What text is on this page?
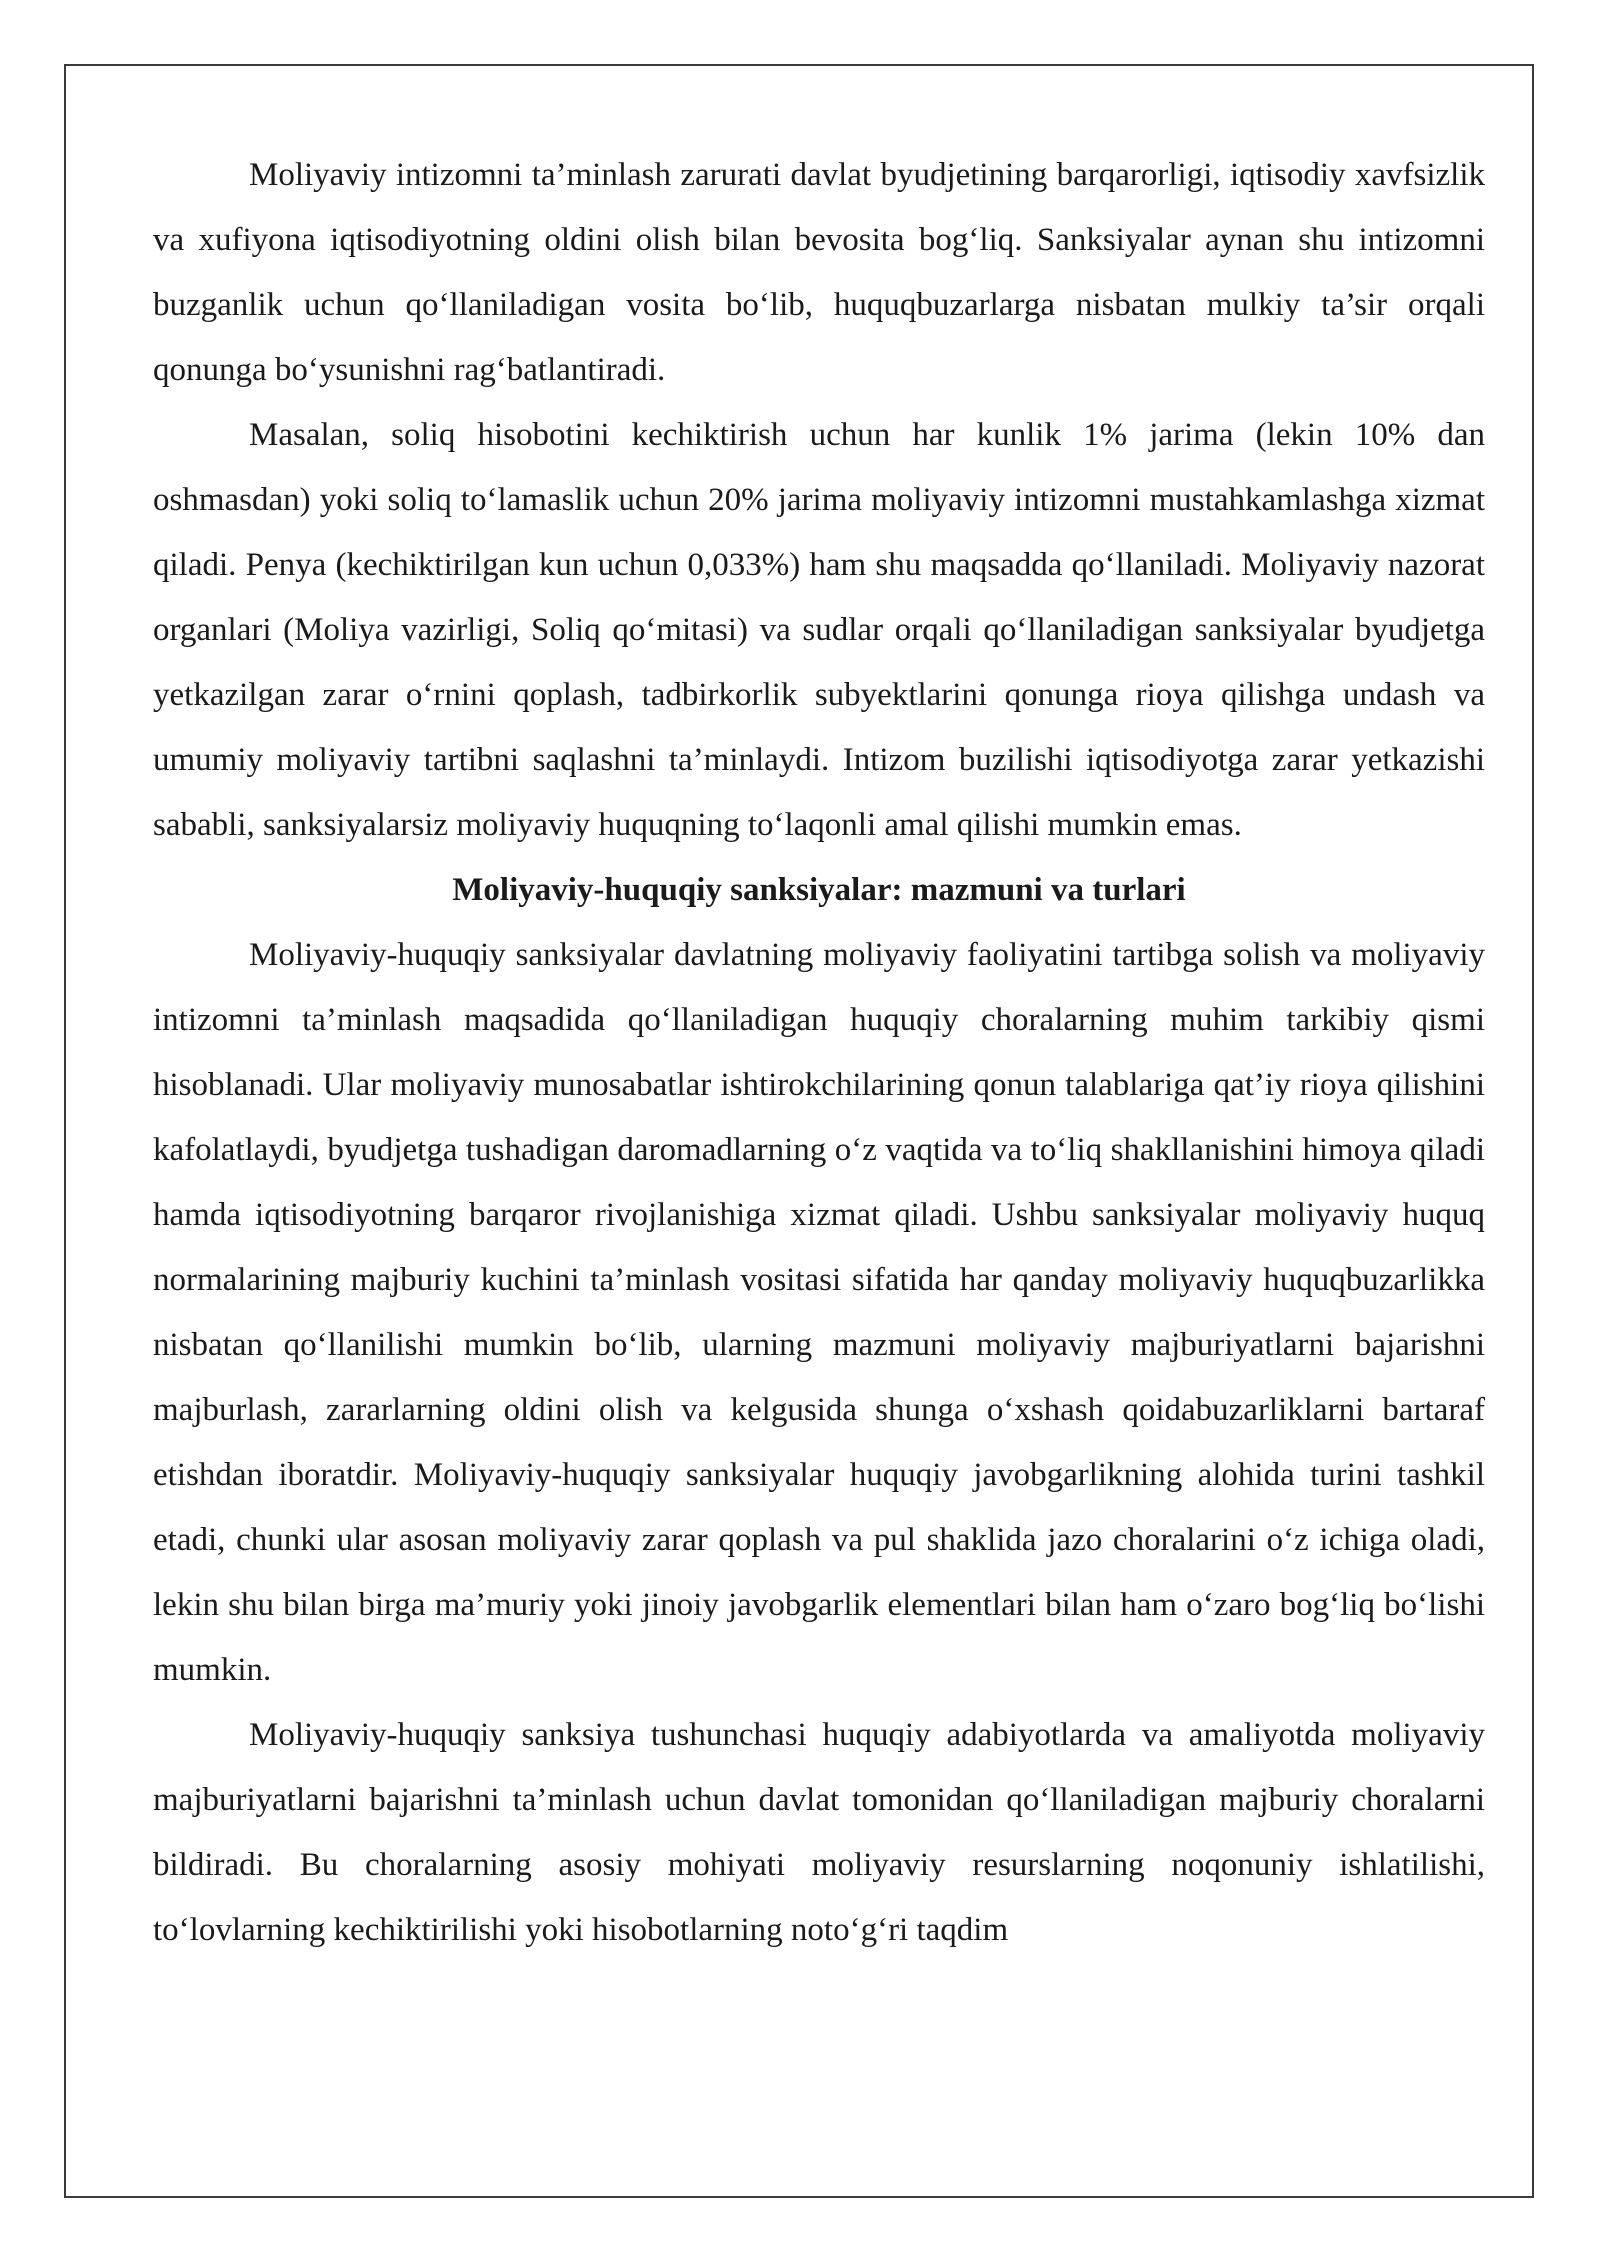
Moliyaviy intizomni ta’minlash zarurati davlat byudjetining barqarorligi, iqtisodiy xavfsizlik va xufiyona iqtisodiyotning oldini olish bilan bevosita bog‘liq. Sanksiyalar aynan shu intizomni buzganlik uchun qo‘llaniladigan vosita bo‘lib, huquqbuzarlarga nisbatan mulkiy ta’sir orqali qonunga bo‘ysunishni rag‘batlantiradi.

Masalan, soliq hisobotini kechiktirish uchun har kunlik 1% jarima (lekin 10% dan oshmasdan) yoki soliq to‘lamaslik uchun 20% jarima moliyaviy intizomni mustahkamlashga xizmat qiladi. Penya (kechiktirilgan kun uchun 0,033%) ham shu maqsadda qo‘llaniladi. Moliyaviy nazorat organlari (Moliya vazirligi, Soliq qo‘mitasi) va sudlar orqali qo‘llaniladigan sanksiyalar byudjetga yetkazilgan zarar o‘rnini qoplash, tadbirkorlik subyektlarini qonunga rioya qilishga undash va umumiy moliyaviy tartibni saqlashni ta’minlaydi. Intizom buzilishi iqtisodiyotga zarar yetkazishi sababli, sanksiyalarsiz moliyaviy huquqning to‘laqonli amal qilishi mumkin emas.

Moliyaviy-huquqiy sanksiyalar: mazmuni va turlari

Moliyaviy-huquqiy sanksiyalar davlatning moliyaviy faoliyatini tartibga solish va moliyaviy intizomni ta’minlash maqsadida qo‘llaniladigan huquqiy choralarning muhim tarkibiy qismi hisoblanadi. Ular moliyaviy munosabatlar ishtirokchilarining qonun talablariga qat’iy rioya qilishini kafolatlaydi, byudjetga tushadigan daromadlarning o‘z vaqtida va to‘liq shakllanishini himoya qiladi hamda iqtisodiyotning barqaror rivojlanishiga xizmat qiladi. Ushbu sanksiyalar moliyaviy huquq normalarining majburiy kuchini ta’minlash vositasi sifatida har qanday moliyaviy huquqbuzarlikka nisbatan qo‘llanilishi mumkin bo‘lib, ularning mazmuni moliyaviy majburiyatlarni bajarishni majburlash, zararlarning oldini olish va kelgusida shunga o‘xshash qoidabuzarliklarni bartaraf etishdan iboratdir. Moliyaviy-huquqiy sanksiyalar huquqiy javobgarlikning alohida turini tashkil etadi, chunki ular asosan moliyaviy zarar qoplash va pul shaklida jazo choralarini o‘z ichiga oladi, lekin shu bilan birga ma’muriy yoki jinoiy javobgarlik elementlari bilan ham o‘zaro bog‘liq bo‘lishi mumkin.

Moliyaviy-huquqiy sanksiya tushunchasi huquqiy adabiyotlarda va amaliyotda moliyaviy majburiyatlarni bajarishni ta’minlash uchun davlat tomonidan qo‘llaniladigan majburiy choralarni bildiradi. Bu choralarning asosiy mohiyati moliyaviy resurslarning noqonuniy ishlatilishi, to‘lovlarning kechiktirilishi yoki hisobotlarning noto‘g‘ri taqdim
